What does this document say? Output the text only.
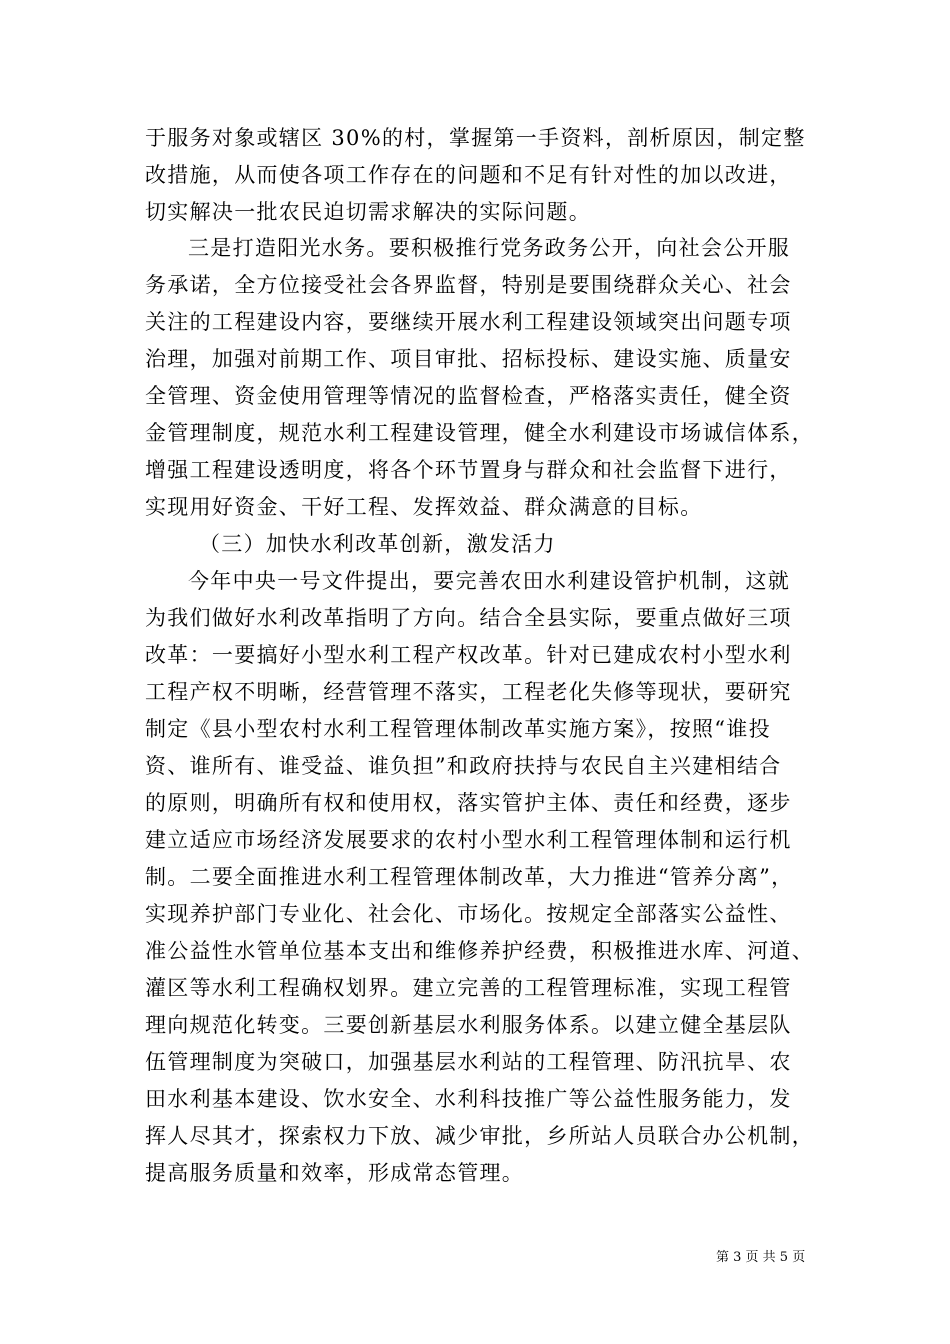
于服务对象或辖区 30%的村，掌握第一手资料，剖析原因，制定整
改措施，从而使各项工作存在的问题和不足有针对性的加以改进，
切实解决一批农民迫切需求解决的实际问题。
三是打造阳光水务。要积极推行党务政务公开，向社会公开服
务承诺，全方位接受社会各界监督，特别是要围绕群众关心、社会
关注的工程建设内容，要继续开展水利工程建设领域突出问题专项
治理，加强对前期工作、项目审批、招标投标、建设实施、质量安
全管理、资金使用管理等情况的监督检查，严格落实责任，健全资
金管理制度，规范水利工程建设管理，健全水利建设市场诚信体系，
增强工程建设透明度，将各个环节置身与群众和社会监督下进行，
实现用好资金、干好工程、发挥效益、群众满意的目标。
（三）加快水利改革创新，激发活力
今年中央一号文件提出，要完善农田水利建设管护机制，这就
为我们做好水利改革指明了方向。结合全县实际，要重点做好三项
改革：一要搞好小型水利工程产权改革。针对已建成农村小型水利
工程产权不明晰，经营管理不落实，工程老化失修等现状，要研究
制定《县小型农村水利工程管理体制改革实施方案》，按照“谁投
资、谁所有、谁受益、谁负担”和政府扶持与农民自主兴建相结合
的原则，明确所有权和使用权，落实管护主体、责任和经费，逐步
建立适应市场经济发展要求的农村小型水利工程管理体制和运行机
制。二要全面推进水利工程管理体制改革，大力推进“管养分离”，
实现养护部门专业化、社会化、市场化。按规定全部落实公益性、
准公益性水管单位基本支出和维修养护经费，积极推进水库、河道、
灌区等水利工程确权划界。建立完善的工程管理标准，实现工程管
理向规范化转变。三要创新基层水利服务体系。以建立健全基层队
伍管理制度为突破口，加强基层水利站的工程管理、防汛抗旱、农
田水利基本建设、饮水安全、水利科技推广等公益性服务能力，发
挥人尽其才，探索权力下放、减少审批，乡所站人员联合办公机制，
提高服务质量和效率，形成常态管理。
第 3 页 共 5 页
